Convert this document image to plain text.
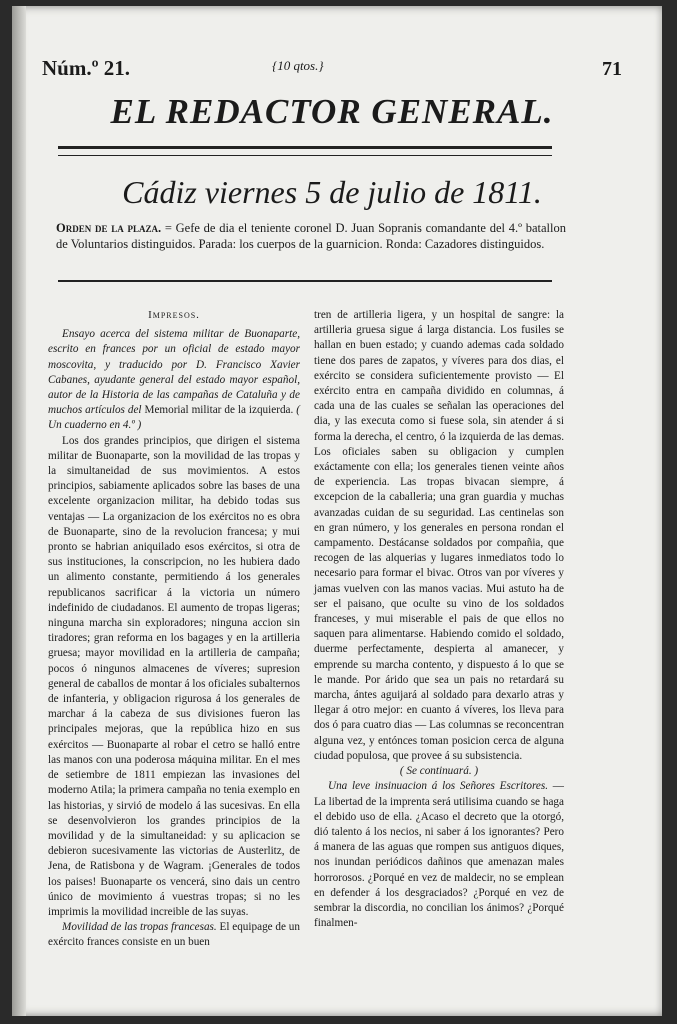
Núm.º 21.	{10 qtos.}	71
EL REDACTOR GENERAL.
Cádiz viernes 5 de julio de 1811.
Orden de la plaza. = Gefe de dia el teniente coronel D. Juan Sopranis comandante del 4.º batallon de Voluntarios distinguidos. Parada: los cuerpos de la guarnicion. Ronda: Cazadores distinguidos.
Impresos.

Ensayo acerca del sistema militar de Buonaparte, escrito en frances por un oficial de estado mayor moscovita, y traducido por D. Francisco Xavier Cabanes, ayudante general del estado mayor español, autor de la Historia de las campañas de Cataluña y de muchos artículos del Memorial militar de la izquierda. ( Un cuaderno en 4.º )

Los dos grandes principios, que dirigen el sistema militar de Buonaparte, son la movilidad de las tropas y la simultaneidad de sus movimientos. A estos principios, sabiamente aplicados sobre las bases de una excelente organizacion militar, ha debido todas sus ventajas — La organizacion de los exércitos no es obra de Buonaparte, sino de la revolucion francesa; y mui pronto se habrian aniquilado esos exércitos, si otra de sus instituciones, la conscripcion, no les hubiera dado un alimento constante, permitiendo á los generales republicanos sacrificar á la victoria un número indefinido de ciudadanos. El aumento de tropas ligeras; ninguna marcha sin exploradores; ninguna accion sin tiradores; gran reforma en los bagages y en la artilleria gruesa; mayor movilidad en la artilleria de campaña; pocos ó ningunos almacenes de víveres; supresion general de caballos de montar á los oficiales subalternos de infanteria, y obligacion rigurosa á los generales de marchar á la cabeza de sus divisiones fueron las principales mejoras, que la república hizo en sus exércitos — Buonaparte al robar el cetro se halló entre las manos con una poderosa máquina militar. En el mes de setiembre de 1811 empiezan las invasiones del moderno Atila; la primera campaña no tenia exemplo en las historias, y sirvió de modelo á las sucesivas. En ella se desenvolvieron los grandes principios de la movilidad y de la simultaneidad: y su aplicacion se debieron sucesivamente las victorias de Austerlitz, de Jena, de Ratisbona y de Wagram. ¡Generales de todos los paises! Buonaparte os vencerá, sino dais un centro único de movimiento á vuestras tropas; si no les imprimis la movilidad increible de las suyas.

Movilidad de las tropas francesas. El equipage de un exército frances consiste en un buen

tren de artilleria ligera, y un hospital de sangre: la artilleria gruesa sigue á larga distancia. Los fusiles se hallan en buen estado; y cuando ademas cada soldado tiene dos pares de zapatos, y víveres para dos dias, el exército se considera suficientemente provisto — El exército entra en campaña dividido en columnas, á cada una de las cuales se señalan las operaciones del dia, y las executa como si fuese sola, sin atender á si forma la derecha, el centro, ó la izquierda de las demas. Los oficiales saben su obligacion y cumplen exáctamente con ella; los generales tienen veinte años de experiencia. Las tropas bivacan siempre, á excepcion de la caballeria; una gran guardia y muchas avanzadas cuidan de su seguridad. Las centinelas son en gran número, y los generales en persona rondan el campamento. Destácanse soldados por compañia, que recogen de las alquerias y lugares inmediatos todo lo necesario para formar el bivac. Otros van por víveres y jamas vuelven con las manos vacias. Mui astuto ha de ser el paisano, que oculte su vino de los soldados franceses, y mui miserable el pais de que ellos no saquen para alimentarse. Habiendo comido el soldado, duerme perfectamente, despierta al amanecer, y emprende su marcha contento, y dispuesto á lo que se le mande. Por árido que sea un pais no retardará su marcha, ántes aguijará al soldado para dexarlo atras y llegar á otro mejor: en cuanto á víveres, los lleva para dos ó para cuatro dias — Las columnas se reconcentran alguna vez, y entónces toman posicion cerca de alguna ciudad populosa, que provee á su subsistencia.

( Se continuará. )

Una leve insinuacion á los Señores Escritores. — La libertad de la imprenta será utilisima cuando se haga el debido uso de ella. ¿Acaso el decreto que la otorgó, dió talento á los necios, ni saber á los ignorantes? Pero á manera de las aguas que rompen sus antiguos diques, nos inundan periódicos dañinos que amenazan males horrorosos. ¿Porqué en vez de maldecir, no se emplean en defender á los desgraciados? ¿Porqué en vez de sembrar la discordia, no concilian los ánimos? ¿Porqué finalmen-
